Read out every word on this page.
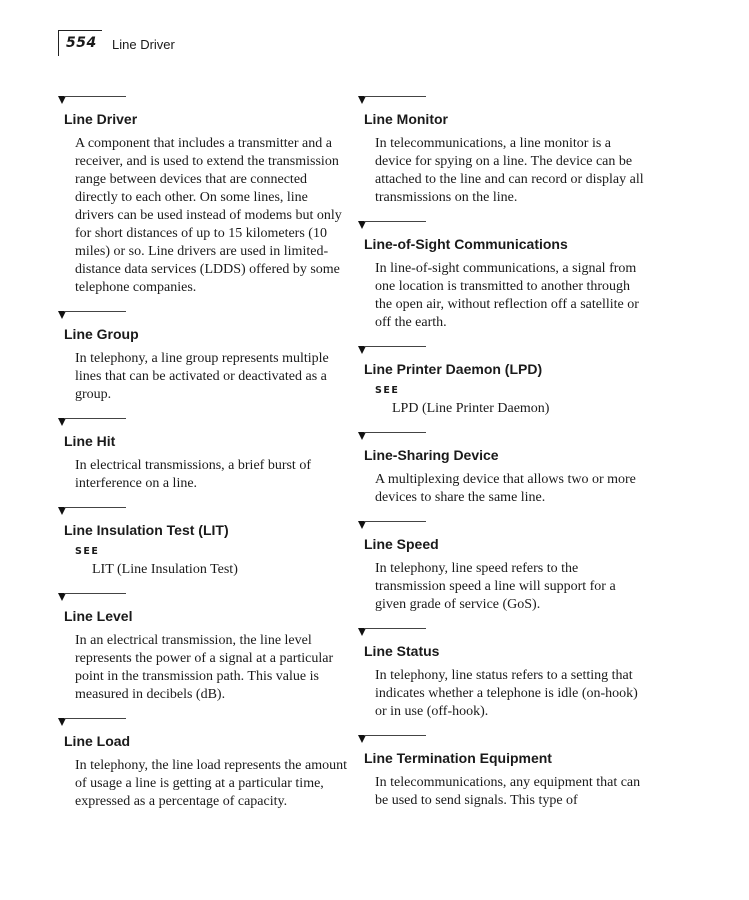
554 Line Driver
Line Driver
A component that includes a transmitter and a receiver, and is used to extend the transmission range between devices that are connected directly to each other. On some lines, line drivers can be used instead of modems but only for short distances of up to 15 kilometers (10 miles) or so. Line drivers are used in limited-distance data services (LDDS) offered by some telephone companies.
Line Group
In telephony, a line group represents multiple lines that can be activated or deactivated as a group.
Line Hit
In electrical transmissions, a brief burst of interference on a line.
Line Insulation Test (LIT)
SEE
LIT (Line Insulation Test)
Line Level
In an electrical transmission, the line level represents the power of a signal at a particular point in the transmission path. This value is measured in decibels (dB).
Line Load
In telephony, the line load represents the amount of usage a line is getting at a particular time, expressed as a percentage of capacity.
Line Monitor
In telecommunications, a line monitor is a device for spying on a line. The device can be attached to the line and can record or display all transmissions on the line.
Line-of-Sight Communications
In line-of-sight communications, a signal from one location is transmitted to another through the open air, without reflection off a satellite or off the earth.
Line Printer Daemon (LPD)
SEE
LPD (Line Printer Daemon)
Line-Sharing Device
A multiplexing device that allows two or more devices to share the same line.
Line Speed
In telephony, line speed refers to the transmission speed a line will support for a given grade of service (GoS).
Line Status
In telephony, line status refers to a setting that indicates whether a telephone is idle (on-hook) or in use (off-hook).
Line Termination Equipment
In telecommunications, any equipment that can be used to send signals. This type of
